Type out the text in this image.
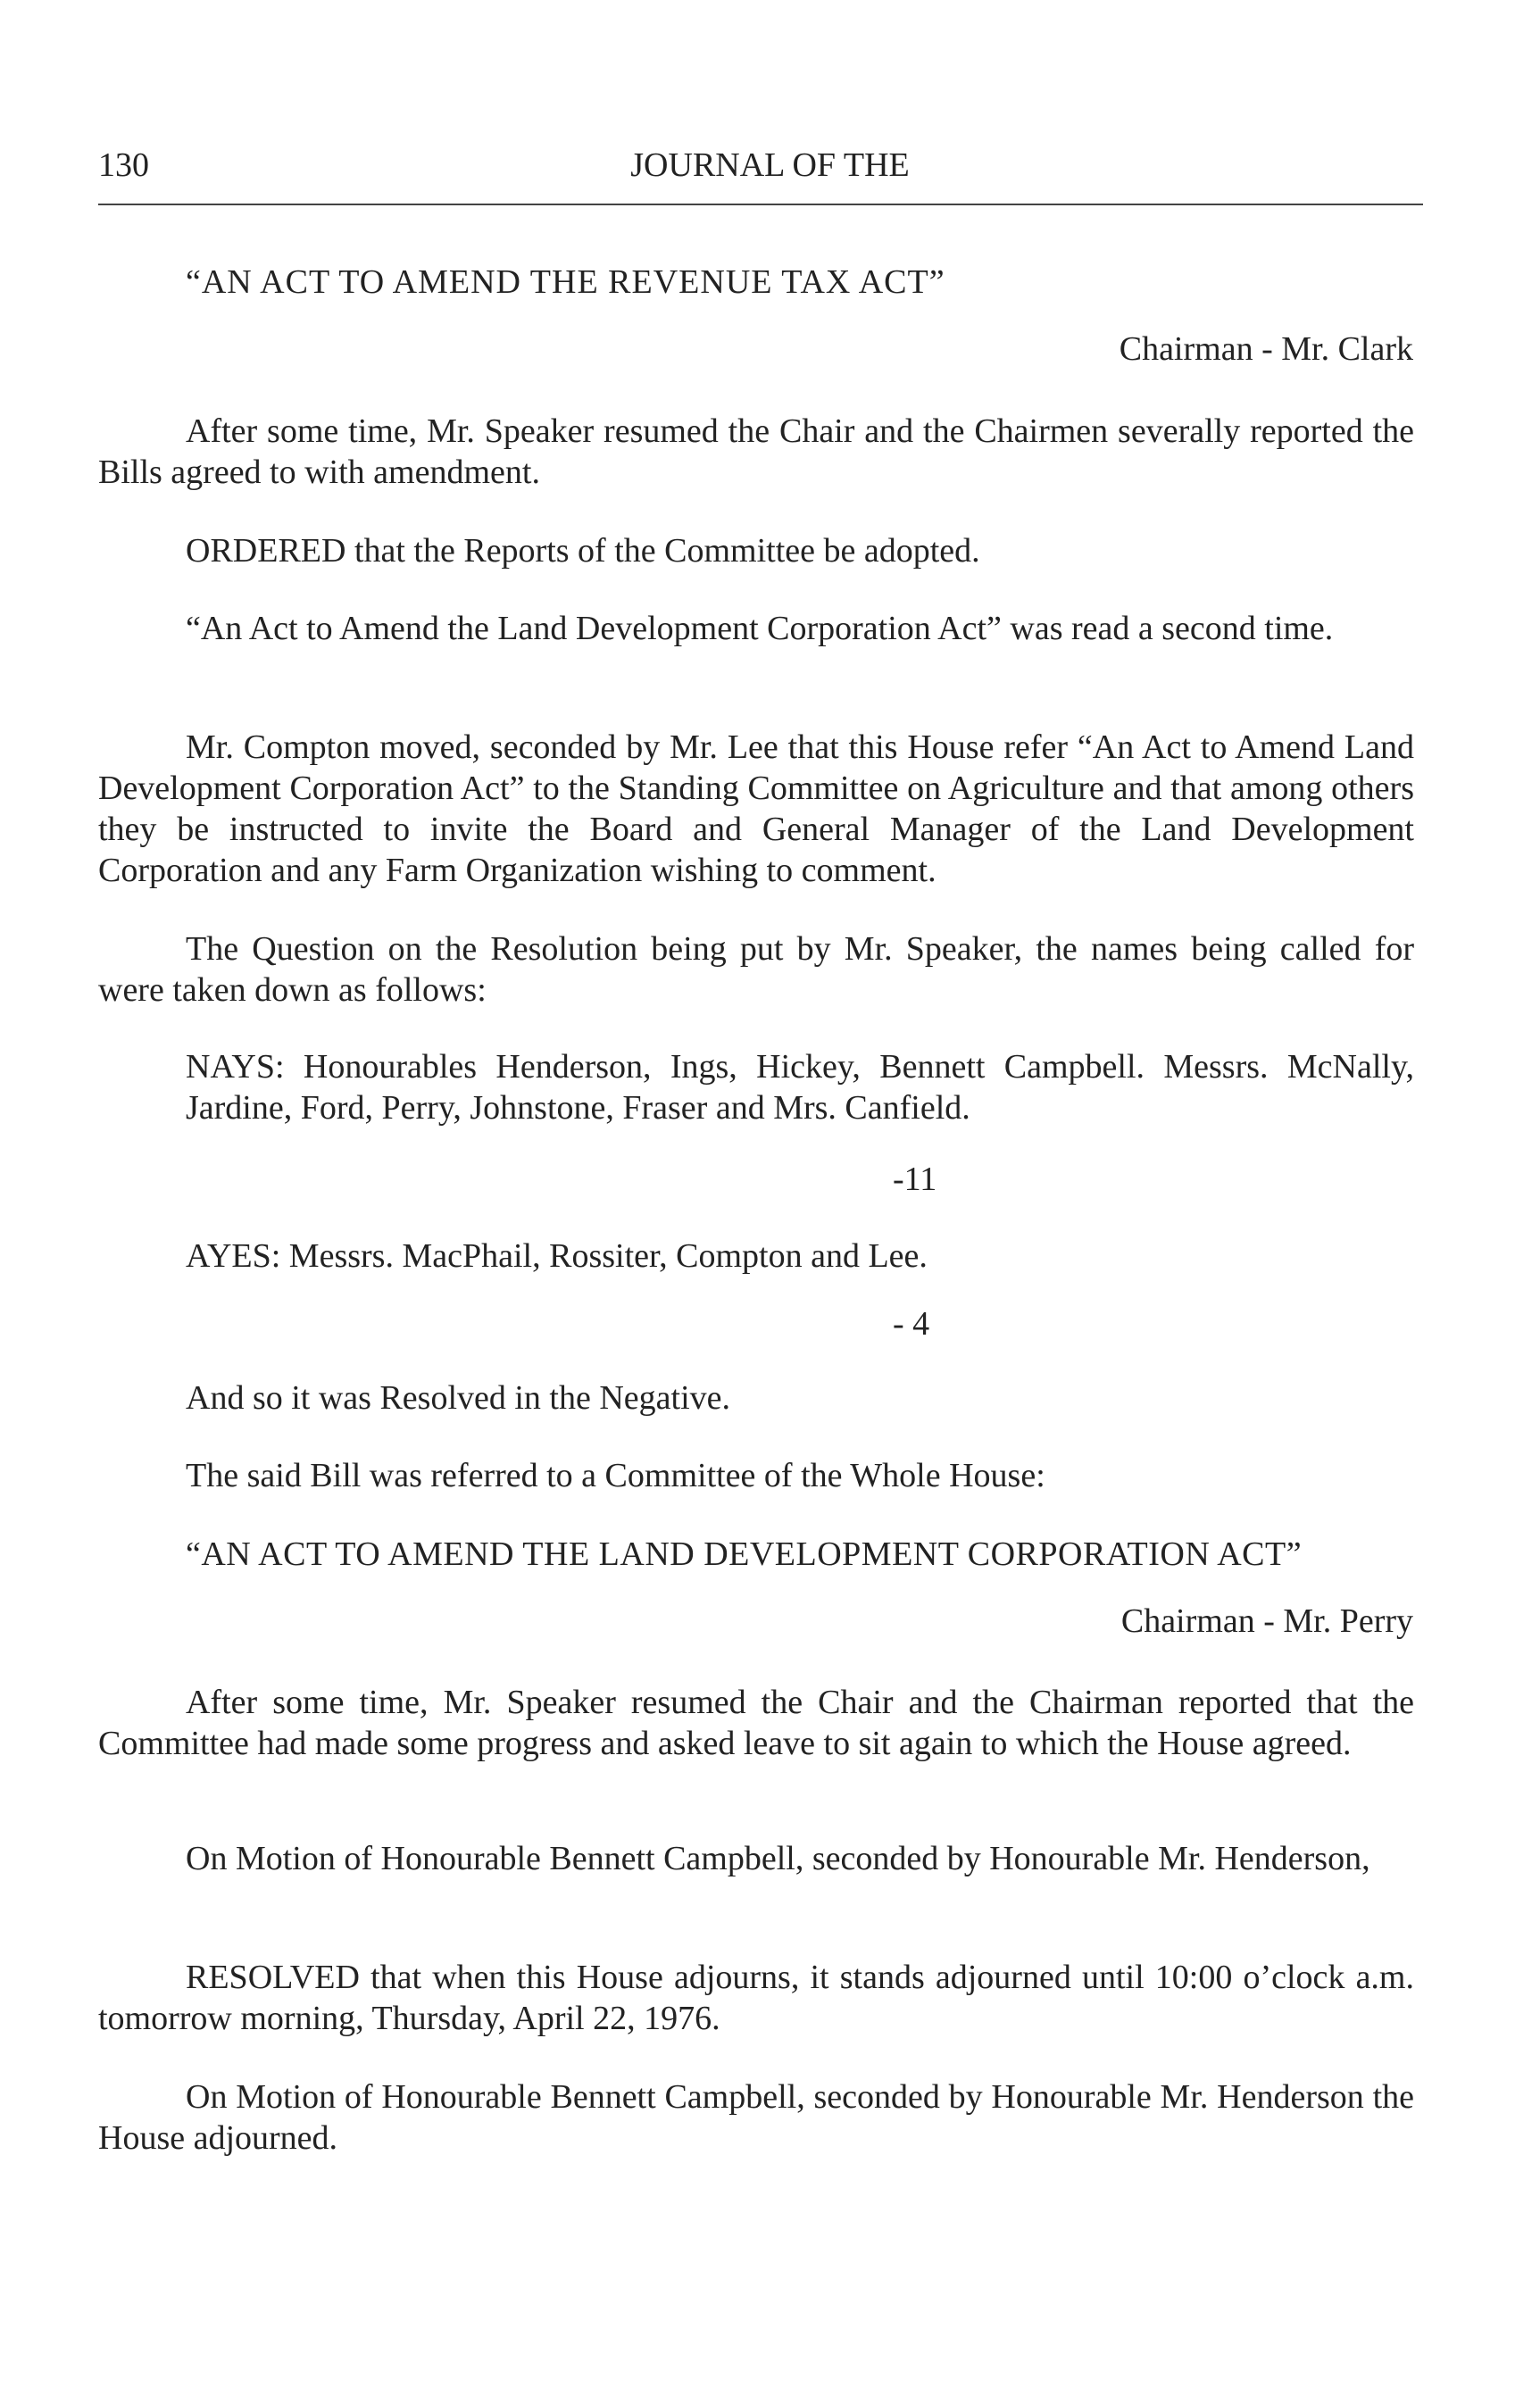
130	JOURNAL OF THE
“AN ACT TO AMEND THE REVENUE TAX ACT”
Chairman - Mr. Clark

After some time, Mr. Speaker resumed the Chair and the Chairmen severally reported the Bills agreed to with amendment.

ORDERED that the Reports of the Committee be adopted.

“An Act to Amend the Land Development Corporation Act” was read a second time.

Mr. Compton moved, seconded by Mr. Lee that this House refer “An Act to Amend Land Development Corporation Act” to the Standing Committee on Agriculture and that among others they be instructed to invite the Board and General Manager of the Land Development Corporation and any Farm Organization wishing to comment.

The Question on the Resolution being put by Mr. Speaker, the names being called for were taken down as follows:

NAYS: Honourables Henderson, Ings, Hickey, Bennett Campbell. Messrs. McNally, Jardine, Ford, Perry, Johnstone, Fraser and Mrs. Canfield.

-11

AYES: Messrs. MacPhail, Rossiter, Compton and Lee.

- 4

And so it was Resolved in the Negative.

The said Bill was referred to a Committee of the Whole House:

“AN ACT TO AMEND THE LAND DEVELOPMENT CORPORATION ACT”
Chairman - Mr. Perry

After some time, Mr. Speaker resumed the Chair and the Chairman reported that the Committee had made some progress and asked leave to sit again to which the House agreed.

On Motion of Honourable Bennett Campbell, seconded by Honourable Mr. Henderson,

RESOLVED that when this House adjourns, it stands adjourned until 10:00 o’clock a.m. tomorrow morning, Thursday, April 22, 1976.

On Motion of Honourable Bennett Campbell, seconded by Honourable Mr. Henderson the House adjourned.
